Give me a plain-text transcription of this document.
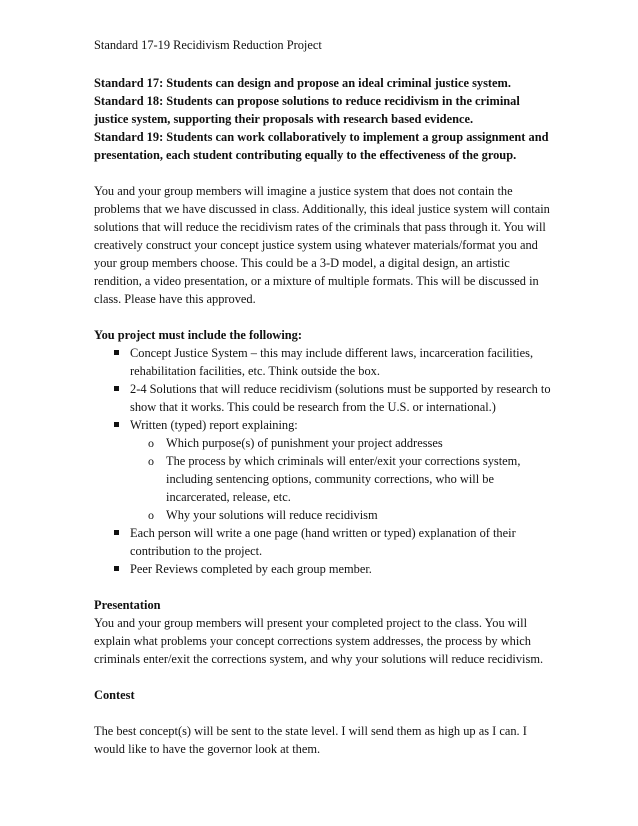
Standard 17-19 Recidivism Reduction Project

Standard 17: Students can design and propose an ideal criminal justice system.

Standard 18: Students can propose solutions to reduce recidivism in the criminal justice system, supporting their proposals with research based evidence.

Standard 19: Students can work collaboratively to implement a group assignment and presentation, each student contributing equally to the effectiveness of the group.

You and your group members will imagine a justice system that does not contain the problems that we have discussed in class. Additionally, this ideal justice system will contain solutions that will reduce the recidivism rates of the criminals that pass through it. You will creatively construct your concept justice system using whatever materials/format you and your group members choose. This could be a 3-D model, a digital design, an artistic rendition, a video presentation, or a mixture of multiple formats. This will be discussed in class. Please have this approved.

You project must include the following:

Concept Justice System – this may include different laws, incarceration facilities, rehabilitation facilities, etc. Think outside the box.
2-4 Solutions that will reduce recidivism (solutions must be supported by research to show that it works. This could be research from the U.S. or international.)
Written (typed) report explaining:
o Which purpose(s) of punishment your project addresses
o The process by which criminals will enter/exit your corrections system, including sentencing options, community corrections, who will be incarcerated, release, etc.
o Why your solutions will reduce recidivism
Each person will write a one page (hand written or typed) explanation of their contribution to the project.
Peer Reviews completed by each group member.

Presentation

You and your group members will present your completed project to the class. You will explain what problems your concept corrections system addresses, the process by which criminals enter/exit the corrections system, and why your solutions will reduce recidivism.

Contest

The best concept(s) will be sent to the state level. I will send them as high up as I can. I would like to have the governor look at them.
